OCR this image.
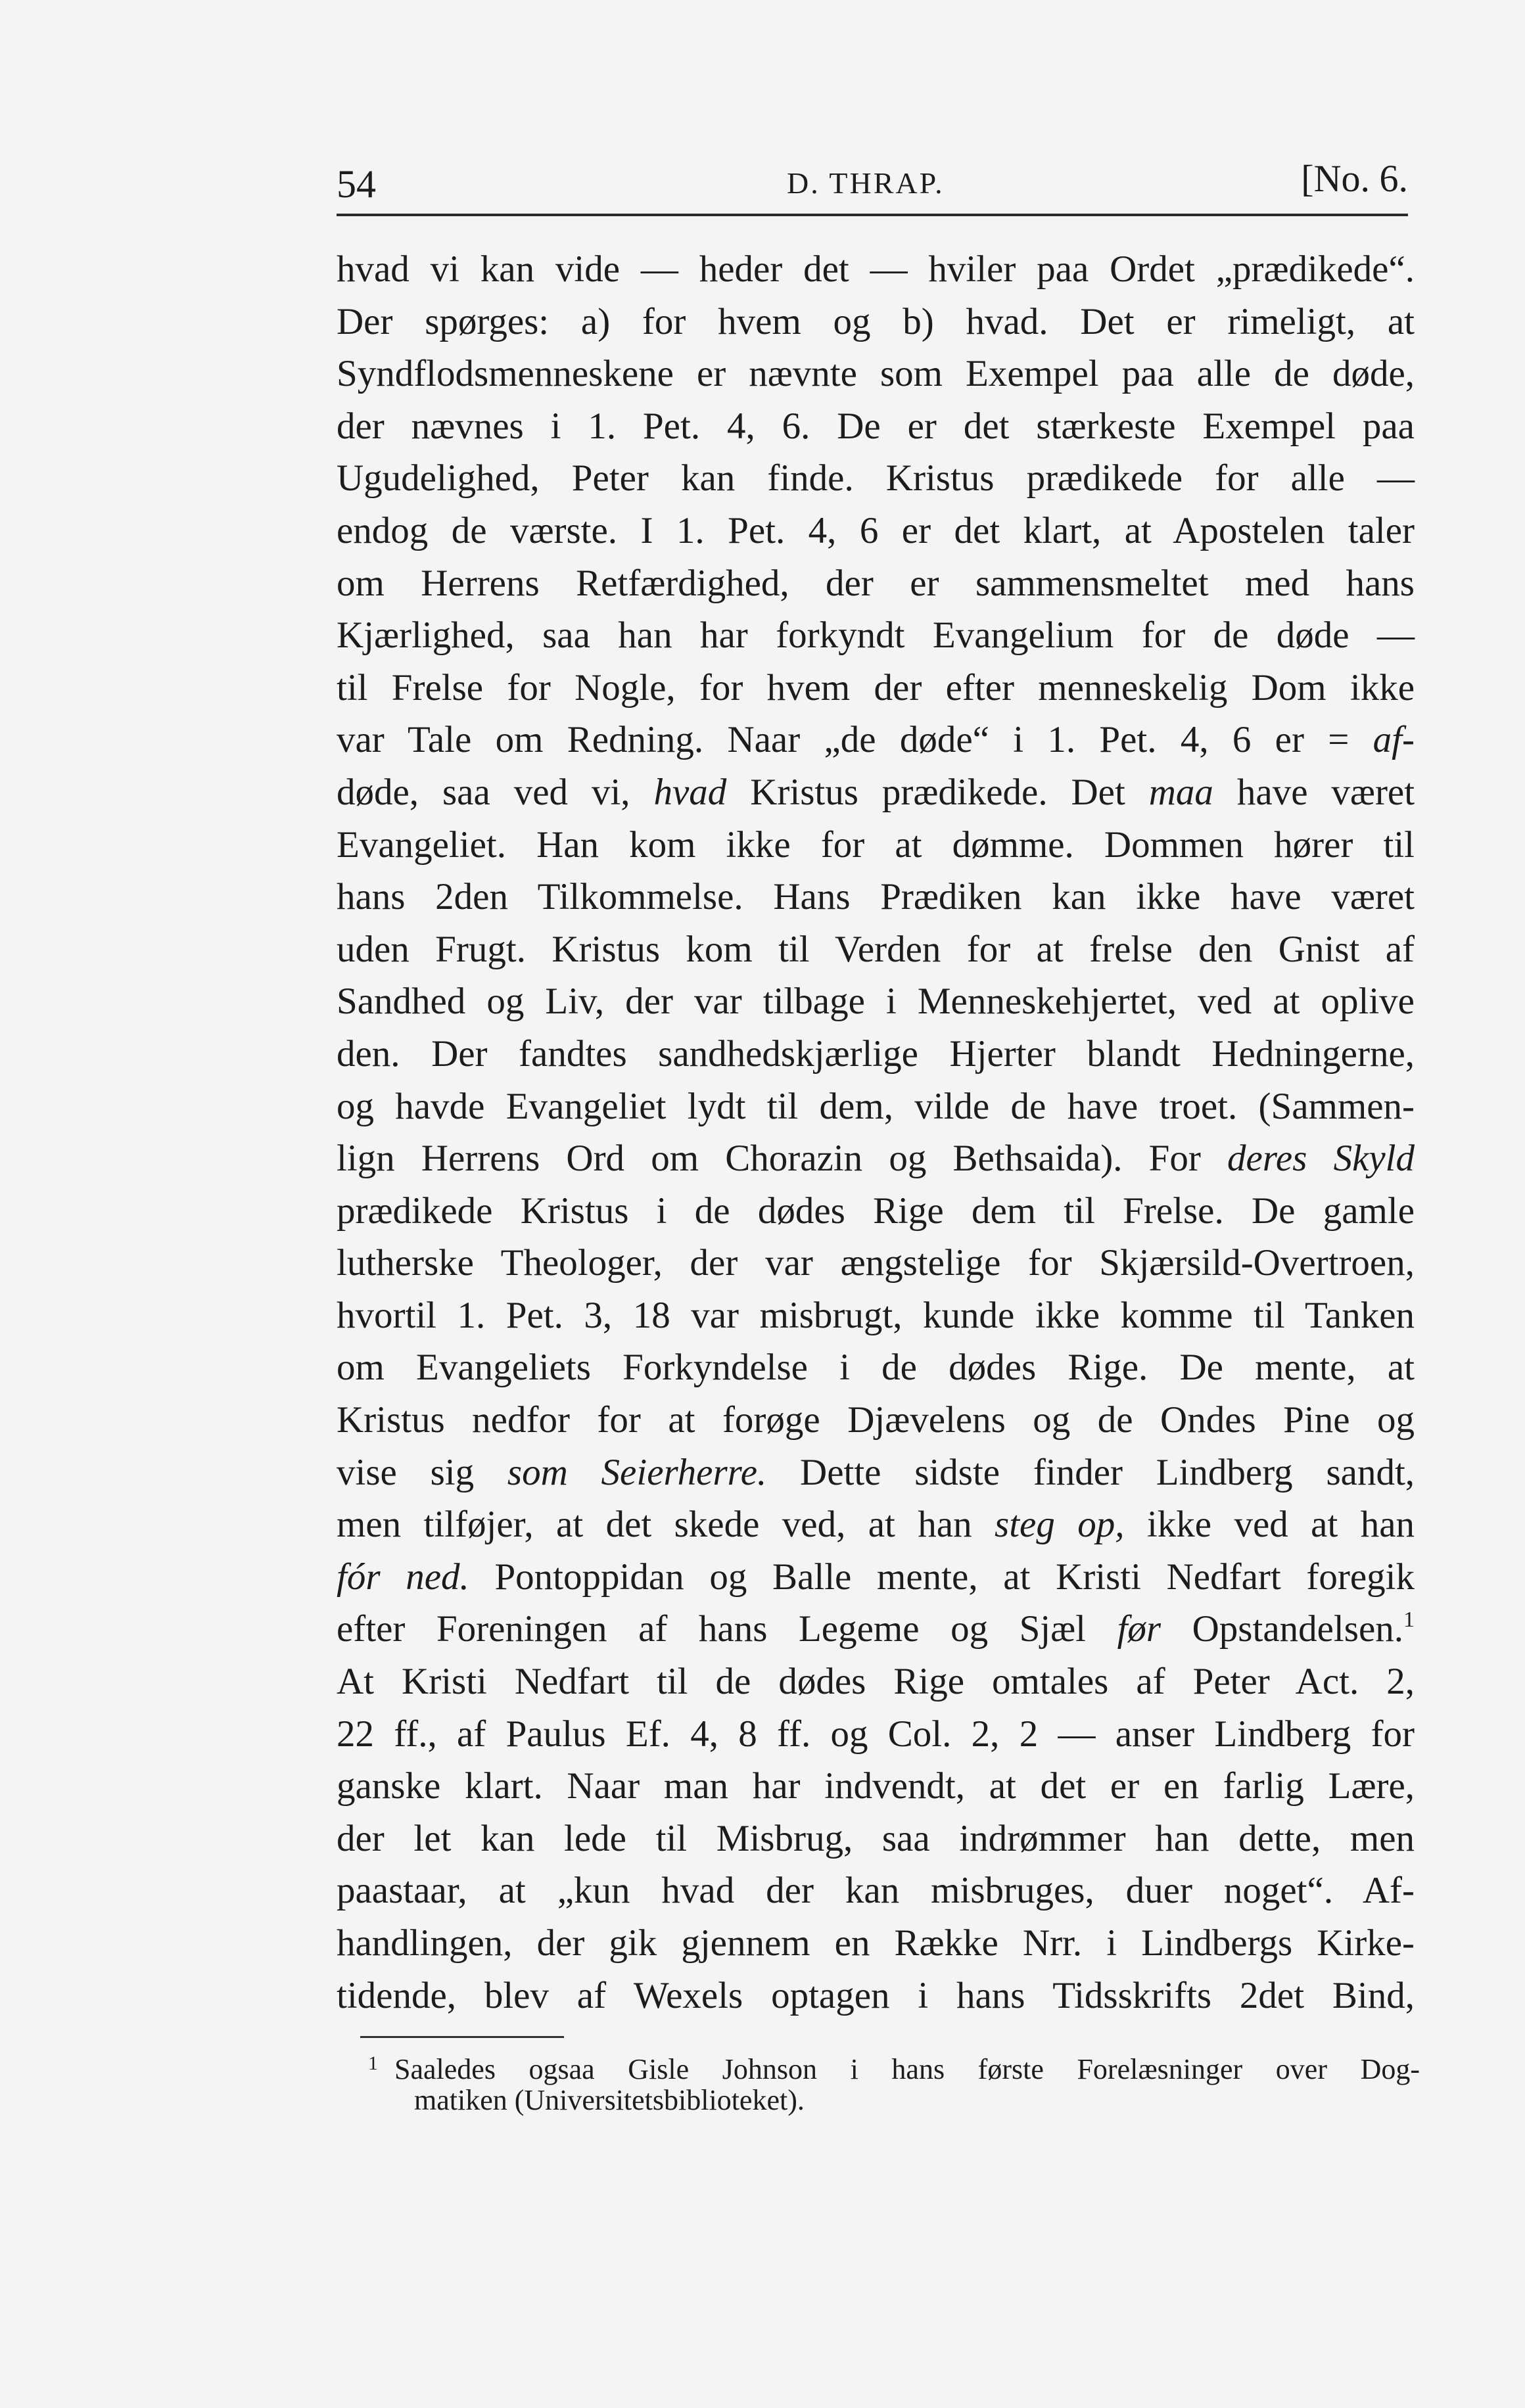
54	D. THRAP.	[No. 6.
hvad vi kan vide — heder det — hviler paa Ordet „prædikede“.
Der spørges: a) for hvem og b) hvad. Det er rimeligt, at
Syndflodsmenneskene er nævnte som Exempel paa alle de døde,
der nævnes i 1. Pet. 4, 6. De er det stærkeste Exempel paa
Ugudelighed, Peter kan finde. Kristus prædikede for alle —
endog de værste. I 1. Pet. 4, 6 er det klart, at Apostelen taler
om Herrens Retfærdighed, der er sammensmeltet med hans
Kjærlighed, saa han har forkyndt Evangelium for de døde —
til Frelse for Nogle, for hvem der efter menneskelig Dom ikke
var Tale om Redning. Naar „de døde“ i 1. Pet. 4, 6 er = af-
døde, saa ved vi, hvad Kristus prædikede. Det maa have været
Evangeliet. Han kom ikke for at dømme. Dommen hører til
hans 2den Tilkommelse. Hans Prædiken kan ikke have været
uden Frugt. Kristus kom til Verden for at frelse den Gnist af
Sandhed og Liv, der var tilbage i Menneskehjertet, ved at oplive
den. Der fandtes sandhedskjærlige Hjerter blandt Hedningerne,
og havde Evangeliet lydt til dem, vilde de have troet. (Sammen-
lign Herrens Ord om Chorazin og Bethsaida). For deres Skyld
prædikede Kristus i de dødes Rige dem til Frelse. De gamle
lutherske Theologer, der var ængstelige for Skjærsild-Overtroen,
hvortil 1. Pet. 3, 18 var misbrugt, kunde ikke komme til Tanken
om Evangeliets Forkyndelse i de dødes Rige. De mente, at
Kristus nedfor for at forøge Djævelens og de Ondes Pine og
vise sig som Seierherre. Dette sidste finder Lindberg sandt,
men tilføjer, at det skede ved, at han steg op, ikke ved at han
fór ned. Pontoppidan og Balle mente, at Kristi Nedfart foregik
efter Foreningen af hans Legeme og Sjæl før Opstandelsen.$^1$
At Kristi Nedfart til de dødes Rige omtales af Peter Act. 2,
22 ff., af Paulus Ef. 4, 8 ff. og Col. 2, 2 — anser Lindberg for
ganske klart. Naar man har indvendt, at det er en farlig Lære,
der let kan lede til Misbrug, saa indrømmer han dette, men
paastaar, at „kun hvad der kan misbruges, duer noget“. Af-
handlingen, der gik gjennem en Række Nrr. i Lindbergs Kirke-
tidende, blev af Wexels optagen i hans Tidsskrifts 2det Bind,
1 Saaledes ogsaa Gisle Johnson i hans første Forelæsninger over Dog-
matiken (Universitetsbiblioteket).
